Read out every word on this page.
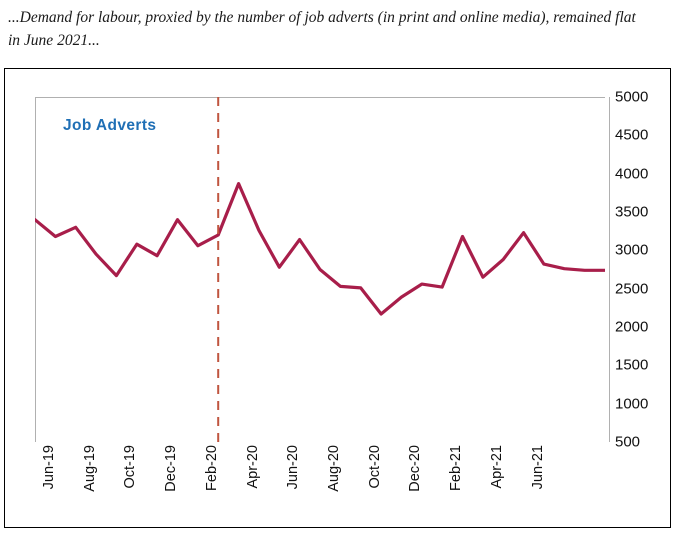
...Demand for labour, proxied by the number of job adverts (in print and online media), remained flat in June 2021...
Job Adverts
500
1000
1500
2000
2500
3000
3500
4000
4500
5000
Jun-19 Aug-19 Oct-19 Dec-19 Feb-20 Apr-20 Jun-20 Aug-20 Oct-20 Dec-20 Feb-21 Apr-21 Jun-21
